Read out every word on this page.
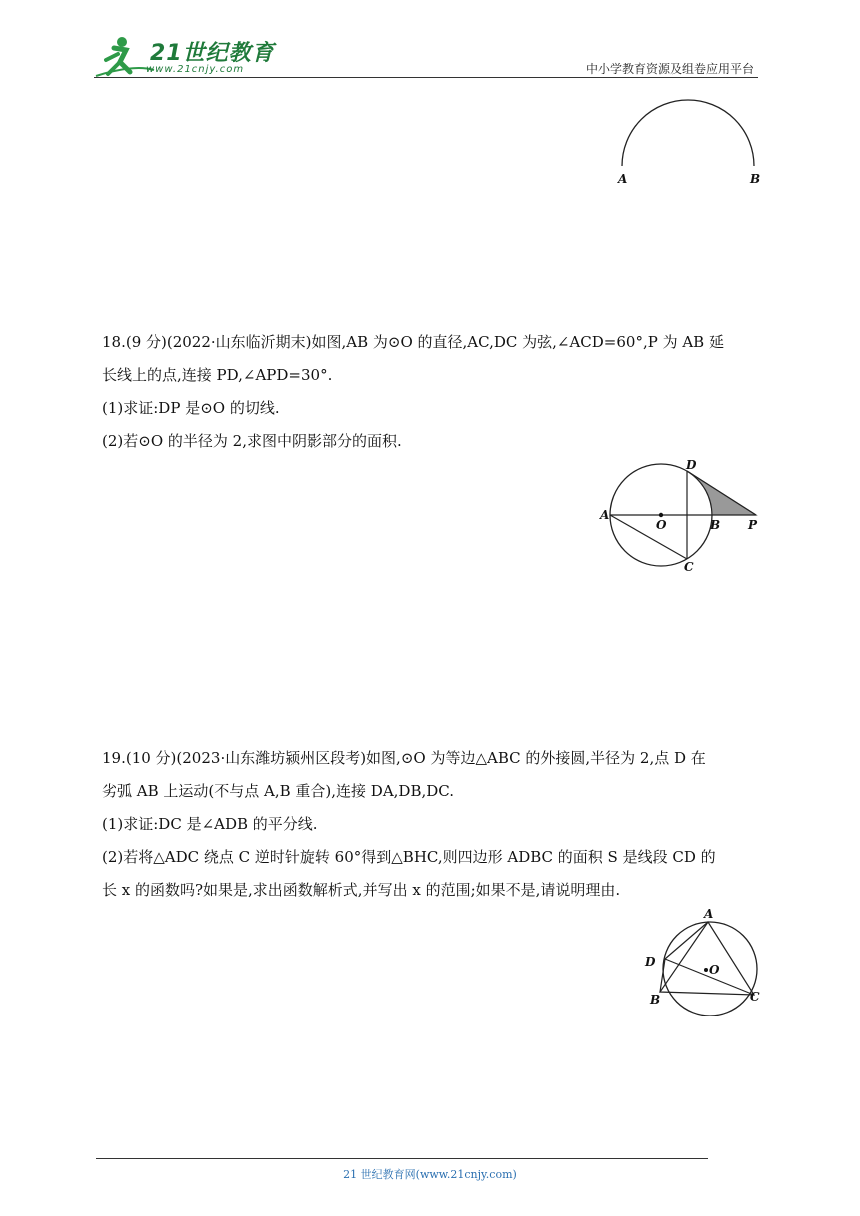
21世纪教育
www.21cnjy.com	中小学教育资源及组卷应用平台
A	B

18.(9 分)(2022·山东临沂期末)如图,AB 为⊙O 的直径,AC,DC 为弦,∠ACD=60°,P 为 AB 延

长线上的点,连接 PD,∠APD=30°.

(1)求证:DP 是⊙O 的切线.

(2)若⊙O 的半径为 2,求图中阴影部分的面积.

D
A
O	B P
C

19.(10 分)(2023·山东潍坊颍州区段考)如图,⊙O 为等边△ABC 的外接圆,半径为 2,点 D 在

劣弧 AB 上运动(不与点 A,B 重合),连接 DA,DB,DC.

(1)求证:DC 是∠ADB 的平分线.

(2)若将△ADC 绕点 C 逆时针旋转 60°得到△BHC,则四边形 ADBC 的面积 S 是线段 CD 的

长 x 的函数吗?如果是,求出函数解析式,并写出 x 的范围;如果不是,请说明理由.

A
D
O
B	C
21 世纪教育网(www.21cnjy.com)
